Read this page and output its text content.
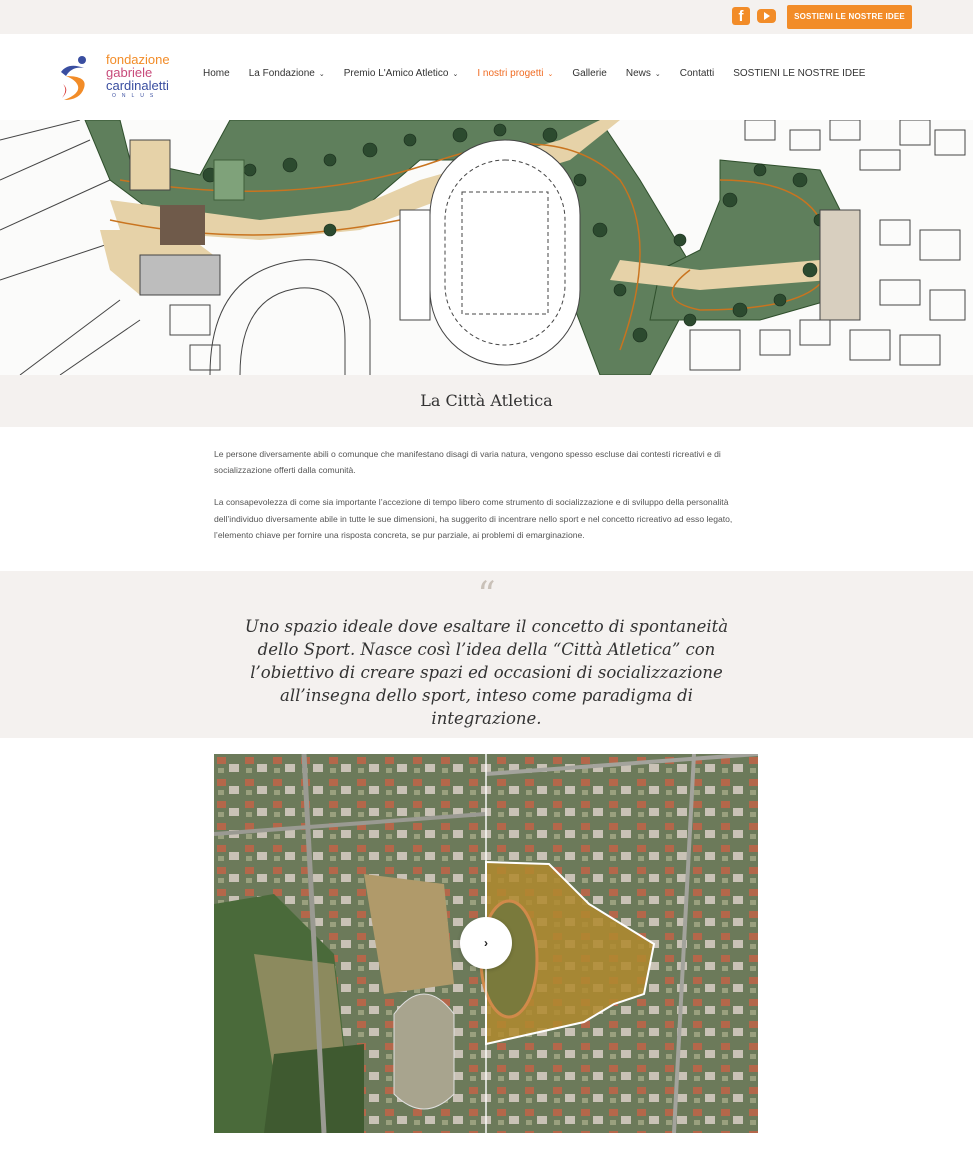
f	SOSTIENI LE NOSTRE IDEE
fondazione
gabriele
cardinaletti
ONLUS
Home La Fondazione ⌄ Premio L'Amico Atletico ⌄ I nostri progetti ⌄ Gallerie News ⌄ Contatti SOSTIENI LE NOSTRE IDEE
La Città Atletica

Le persone diversamente abili o comunque che manifestano disagi di varia natura, vengono spesso escluse dai contesti ricreativi e di socializzazione offerti dalla comunità.

La consapevolezza di come sia importante l’accezione di tempo libero come strumento di socializzazione e di sviluppo della personalità dell’individuo diversamente abile in tutte le sue dimensioni, ha suggerito di incentrare nello sport e nel concetto ricreativo ad esso legato, l’elemento chiave per fornire una risposta concreta, se pur parziale, ai problemi di emarginazione.

“
Uno spazio ideale dove esaltare il concetto di spontaneità dello Sport. Nasce così l’idea della “Città Atletica” con l’obiettivo di creare spazi ed occasioni di socializzazione all’insegna dello sport, inteso come paradigma di integrazione.
›
